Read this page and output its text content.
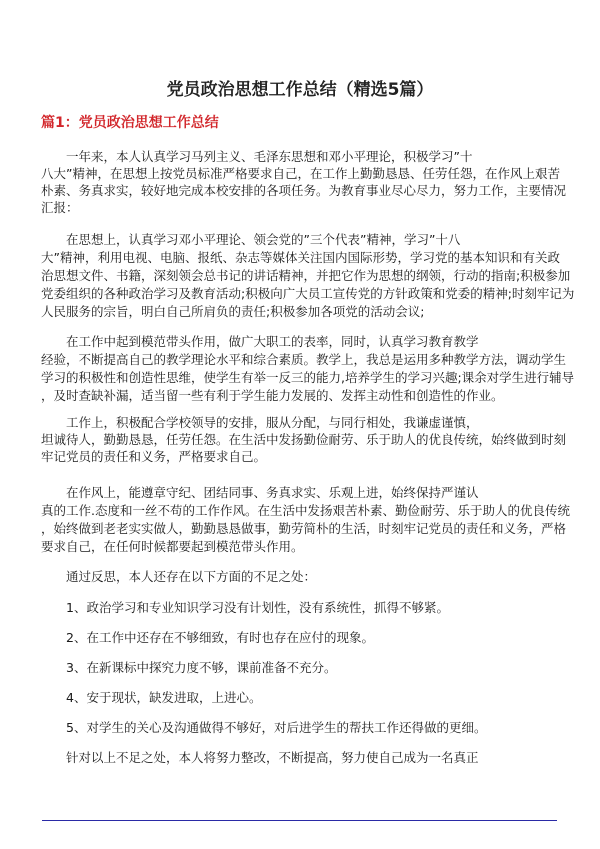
党员政治思想工作总结（精选5篇）
篇1：党员政治思想工作总结
一年来，本人认真学习马列主义、毛泽东思想和邓小平理论，积极学习”十
八大”精神，在思想上按党员标准严格要求自己，在工作上勤勤恳恳、任劳任怨，在作风上艰苦
朴素、务真求实，较好地完成本校安排的各项任务。为教育事业尽心尽力，努力工作，主要情况
汇报：
在思想上，认真学习邓小平理论、领会党的”三个代表”精神，学习”十八
大”精神，利用电视、电脑、报纸、杂志等媒体关注国内国际形势，学习党的基本知识和有关政
治思想文件、书籍，深刻领会总书记的讲话精神，并把它作为思想的纲领，行动的指南;积极参加
党委组织的各种政治学习及教育活动;积极向广大员工宣传党的方针政策和党委的精神;时刻牢记为
人民服务的宗旨，明白自己所肩负的责任;积极参加各项党的活动会议;
在工作中起到模范带头作用，做广大职工的表率，同时，认真学习教育教学
经验，不断提高自己的教学理论水平和综合素质。教学上，我总是运用多种教学方法，调动学生
学习的积极性和创造性思维，使学生有举一反三的能力,培养学生的学习兴趣;课余对学生进行辅导
，及时查缺补漏，适当留一些有利于学生能力发展的、发挥主动性和创造性的作业。
工作上，积极配合学校领导的安排，服从分配，与同行相处，我谦虚谨慎，
坦诚待人，勤勤恳恳，任劳任怨。在生活中发扬勤俭耐劳、乐于助人的优良传统，始终做到时刻
牢记党员的责任和义务，严格要求自己。
在作风上，能遵章守纪、团结同事、务真求实、乐观上进，始终保持严谨认
真的工作.态度和一丝不苟的工作作风。在生活中发扬艰苦朴素、勤俭耐劳、乐于助人的优良传统
，始终做到老老实实做人，勤勤恳恳做事，勤劳简朴的生活，时刻牢记党员的责任和义务，严格
要求自己，在任何时候都要起到模范带头作用。
通过反思，本人还存在以下方面的不足之处：
1、政治学习和专业知识学习没有计划性，没有系统性，抓得不够紧。
2、在工作中还存在不够细致，有时也存在应付的现象。
3、在新课标中探究力度不够，课前准备不充分。
4、安于现状，缺发进取，上进心。
5、对学生的关心及沟通做得不够好，对后进学生的帮扶工作还得做的更细。
针对以上不足之处，本人将努力整改，不断提高，努力使自己成为一名真正
